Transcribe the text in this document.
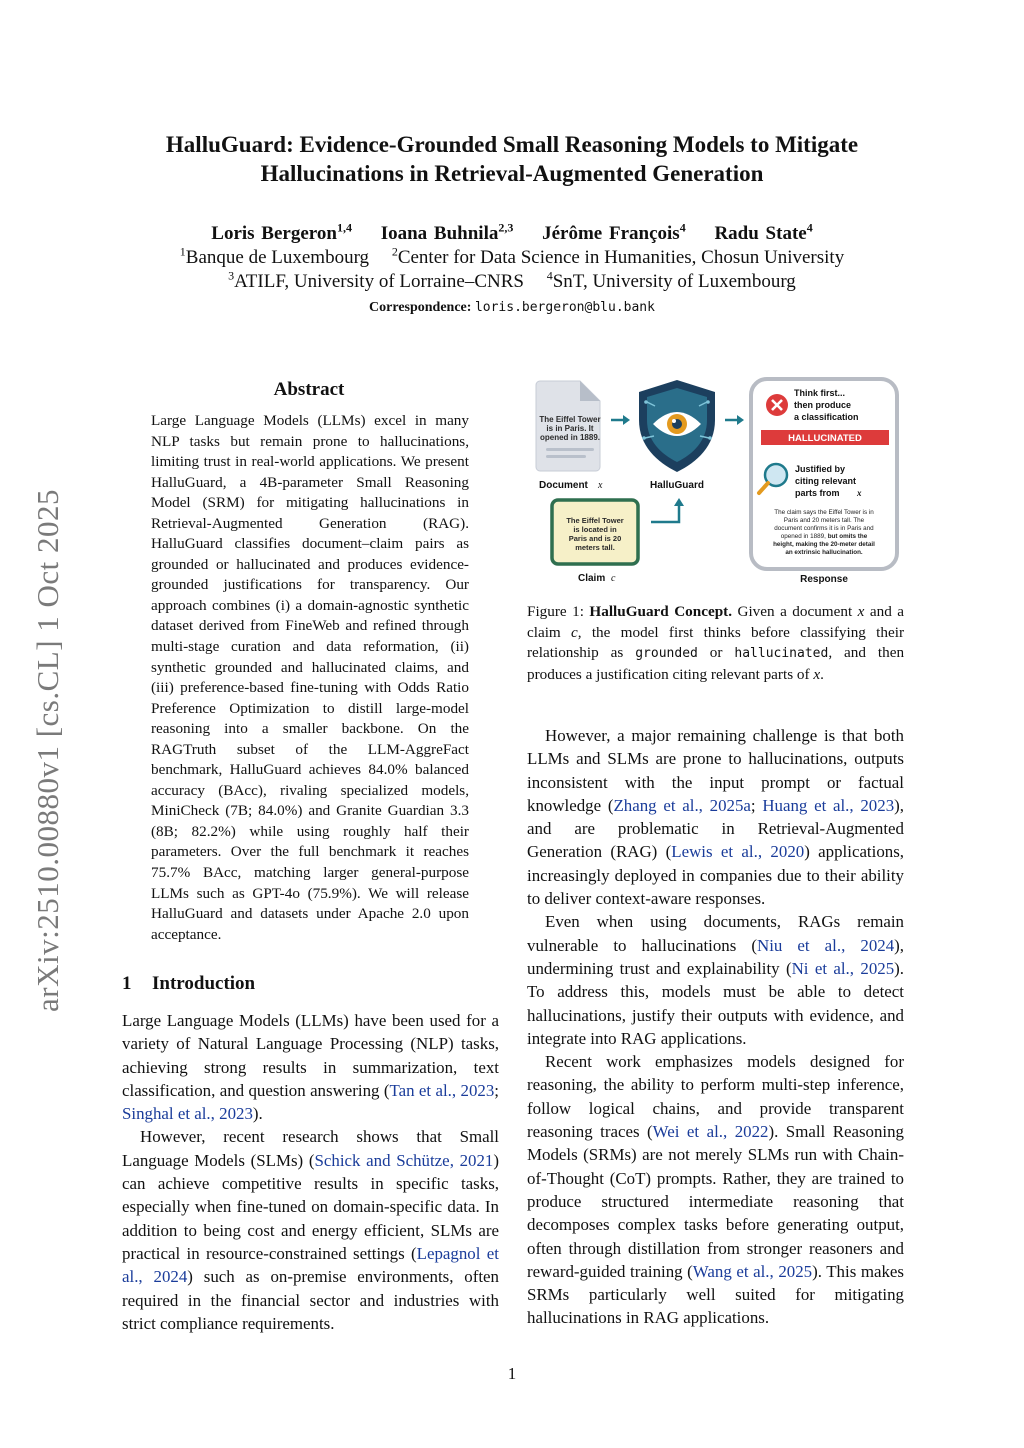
arXiv:2510.00880v1 [cs.CL] 1 Oct 2025
HalluGuard: Evidence-Grounded Small Reasoning Models to Mitigate
Hallucinations in Retrieval-Augmented Generation
Loris Bergeron$^{1,4}$ Ioana Buhnila$^{2,3}$ Jérôme François$^4$ Radu State$^4$
$^1$Banque de Luxembourg $^2$Center for Data Science in Humanities, Chosun University
$^3$ATILF, University of Lorraine–CNRS $^4$SnT, University of Luxembourg
Correspondence: loris.bergeron@blu.bank
Abstract
Large Language Models (LLMs) excel in many NLP tasks but remain prone to hallucinations, limiting trust in real-world applications. We present HalluGuard, a 4B-parameter Small Reasoning Model (SRM) for mitigating hallucinations in Retrieval-Augmented Generation (RAG). HalluGuard classifies document–claim pairs as grounded or hallucinated and produces evidence-grounded justifications for transparency. Our approach combines (i) a domain-agnostic synthetic dataset derived from FineWeb and refined through multi-stage curation and data reformation, (ii) synthetic grounded and hallucinated claims, and (iii) preference-based fine-tuning with Odds Ratio Preference Optimization to distill large-model reasoning into a smaller backbone. On the RAGTruth subset of the LLM-AggreFact benchmark, HalluGuard achieves 84.0% balanced accuracy (BAcc), rivaling specialized models, MiniCheck (7B; 84.0%) and Granite Guardian 3.3 (8B; 82.2%) while using roughly half their parameters. Over the full benchmark it reaches 75.7% BAcc, matching larger general-purpose LLMs such as GPT-4o (75.9%). We will release HalluGuard and datasets under Apache 2.0 upon acceptance.
The Eiffel Tower
is in Paris. It
opened in 1889.
Document x	HalluGuard
The Eiffel Tower
is located in
Paris and is 20
meters tall.
Claim c
Think first...
then produce
a classification
HALLUCINATED
Justified by
citing relevant
parts from x
The claim says the Eiffel Tower is in
Paris and 20 meters tall. The
document confirms it is in Paris and
opened in 1889, but omits the
height, making the 20-meter detail
an extrinsic hallucination.
Response
Figure 1: HalluGuard Concept. Given a document x and a claim c, the model first thinks before classifying their relationship as grounded or hallucinated, and then produces a justification citing relevant parts of x.
1 Introduction

Large Language Models (LLMs) have been used for a variety of Natural Language Processing (NLP) tasks, achieving strong results in summarization, text classification, and question answering (Tan et al., 2023; Singhal et al., 2023).

However, recent research shows that Small Language Models (SLMs) (Schick and Schütze, 2021) can achieve competitive results in specific tasks, especially when fine-tuned on domain-specific data. In addition to being cost and energy efficient, SLMs are practical in resource-constrained settings (Lepagnol et al., 2024) such as on-premise environments, often required in the financial sector and industries with strict compliance requirements.

However, a major remaining challenge is that both LLMs and SLMs are prone to hallucinations, outputs inconsistent with the input prompt or factual knowledge (Zhang et al., 2025a; Huang et al., 2023), and are problematic in Retrieval-Augmented Generation (RAG) (Lewis et al., 2020) applications, increasingly deployed in companies due to their ability to deliver context-aware responses.

Even when using documents, RAGs remain vulnerable to hallucinations (Niu et al., 2024), undermining trust and explainability (Ni et al., 2025). To address this, models must be able to detect hallucinations, justify their outputs with evidence, and integrate into RAG applications.

Recent work emphasizes models designed for reasoning, the ability to perform multi-step inference, follow logical chains, and provide transparent reasoning traces (Wei et al., 2022). Small Reasoning Models (SRMs) are not merely SLMs run with Chain-of-Thought (CoT) prompts. Rather, they are trained to produce structured intermediate reasoning that decomposes complex tasks before generating output, often through distillation from stronger reasoners and reward-guided training (Wang et al., 2025). This makes SRMs particularly well suited for mitigating hallucinations in RAG applications.

1
